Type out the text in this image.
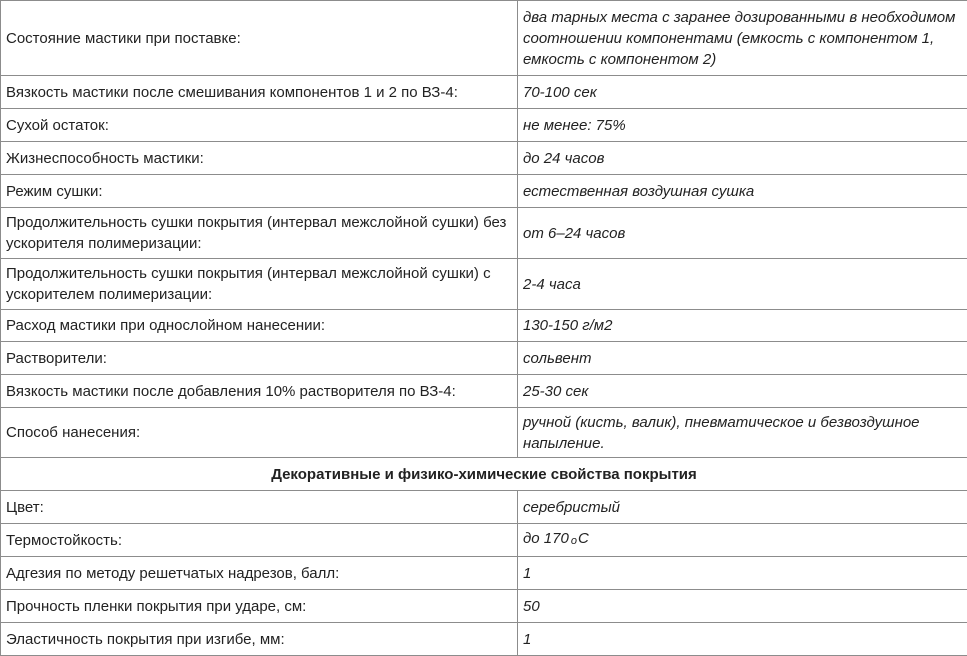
Состояние мастики при поставке:	два тарных места с заранее дозированными в необходимом соотношении компонентами (емкость с компонентом 1, емкость с компонентом 2)
Вязкость мастики после смешивания компонентов 1 и 2 по ВЗ-4:	70-100 сек
Сухой остаток:	не менее: 75%
Жизнеспособность мастики:	до 24 часов
Режим сушки:	естественная воздушная сушка
Продолжительность сушки покрытия (интервал межслойной сушки) без ускорителя полимеризации:	от 6–24 часов
Продолжительность сушки покрытия (интервал межслойной сушки) с ускорителем полимеризации:	2-4 часа
Расход мастики при однослойном нанесении:	130-150 г/м2
Растворители:	сольвент
Вязкость мастики после добавления 10% растворителя по ВЗ-4:	25-30 сек
Способ нанесения:	ручной (кисть, валик), пневматическое и безвоздушное напыление.
Декоративные и физико-химические свойства покрытия	
Цвет:	серебристый
Термостойкость:	до 170 оС
Адгезия по методу решетчатых надрезов, балл:	1
Прочность пленки покрытия при ударе, см:	50
Эластичность покрытия при изгибе, мм:	1
